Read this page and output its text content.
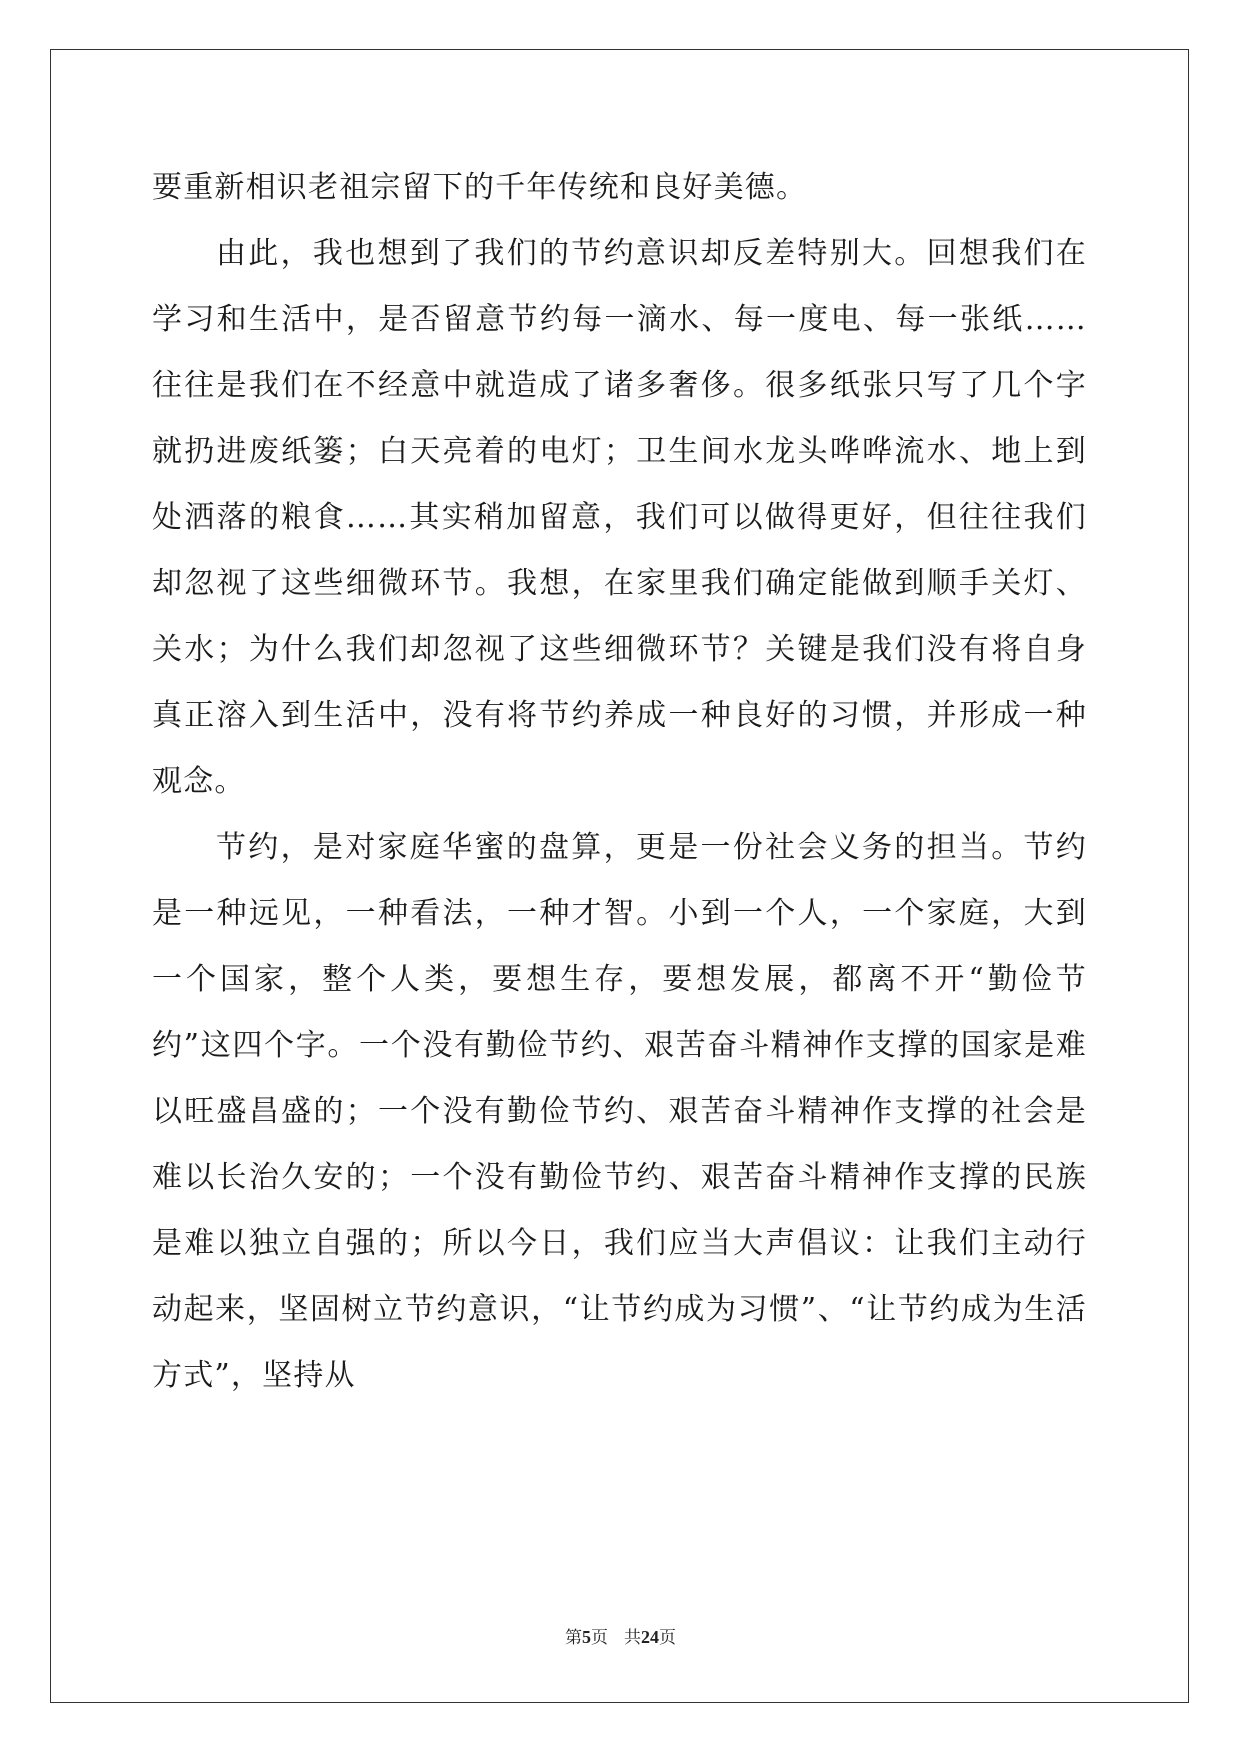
要重新相识老祖宗留下的千年传统和良好美德。

由此，我也想到了我们的节约意识却反差特别大。回想我们在学习和生活中，是否留意节约每一滴水、每一度电、每一张纸……往往是我们在不经意中就造成了诸多奢侈。很多纸张只写了几个字就扔进废纸篓；白天亮着的电灯；卫生间水龙头哗哗流水、地上到处洒落的粮食……其实稍加留意，我们可以做得更好，但往往我们却忽视了这些细微环节。我想，在家里我们确定能做到顺手关灯、关水；为什么我们却忽视了这些细微环节？关键是我们没有将自身真正溶入到生活中，没有将节约养成一种良好的习惯，并形成一种观念。

节约，是对家庭华蜜的盘算，更是一份社会义务的担当。节约是一种远见，一种看法，一种才智。小到一个人，一个家庭，大到一个国家，整个人类，要想生存，要想发展，都离不开“勤俭节约”这四个字。一个没有勤俭节约、艰苦奋斗精神作支撑的国家是难以旺盛昌盛的；一个没有勤俭节约、艰苦奋斗精神作支撑的社会是难以长治久安的；一个没有勤俭节约、艰苦奋斗精神作支撑的民族是难以独立自强的；所以今日，我们应当大声倡议：让我们主动行动起来，坚固树立节约意识，“让节约成为习惯”、“让节约成为生活方式”，坚持从

第5页 共24页
